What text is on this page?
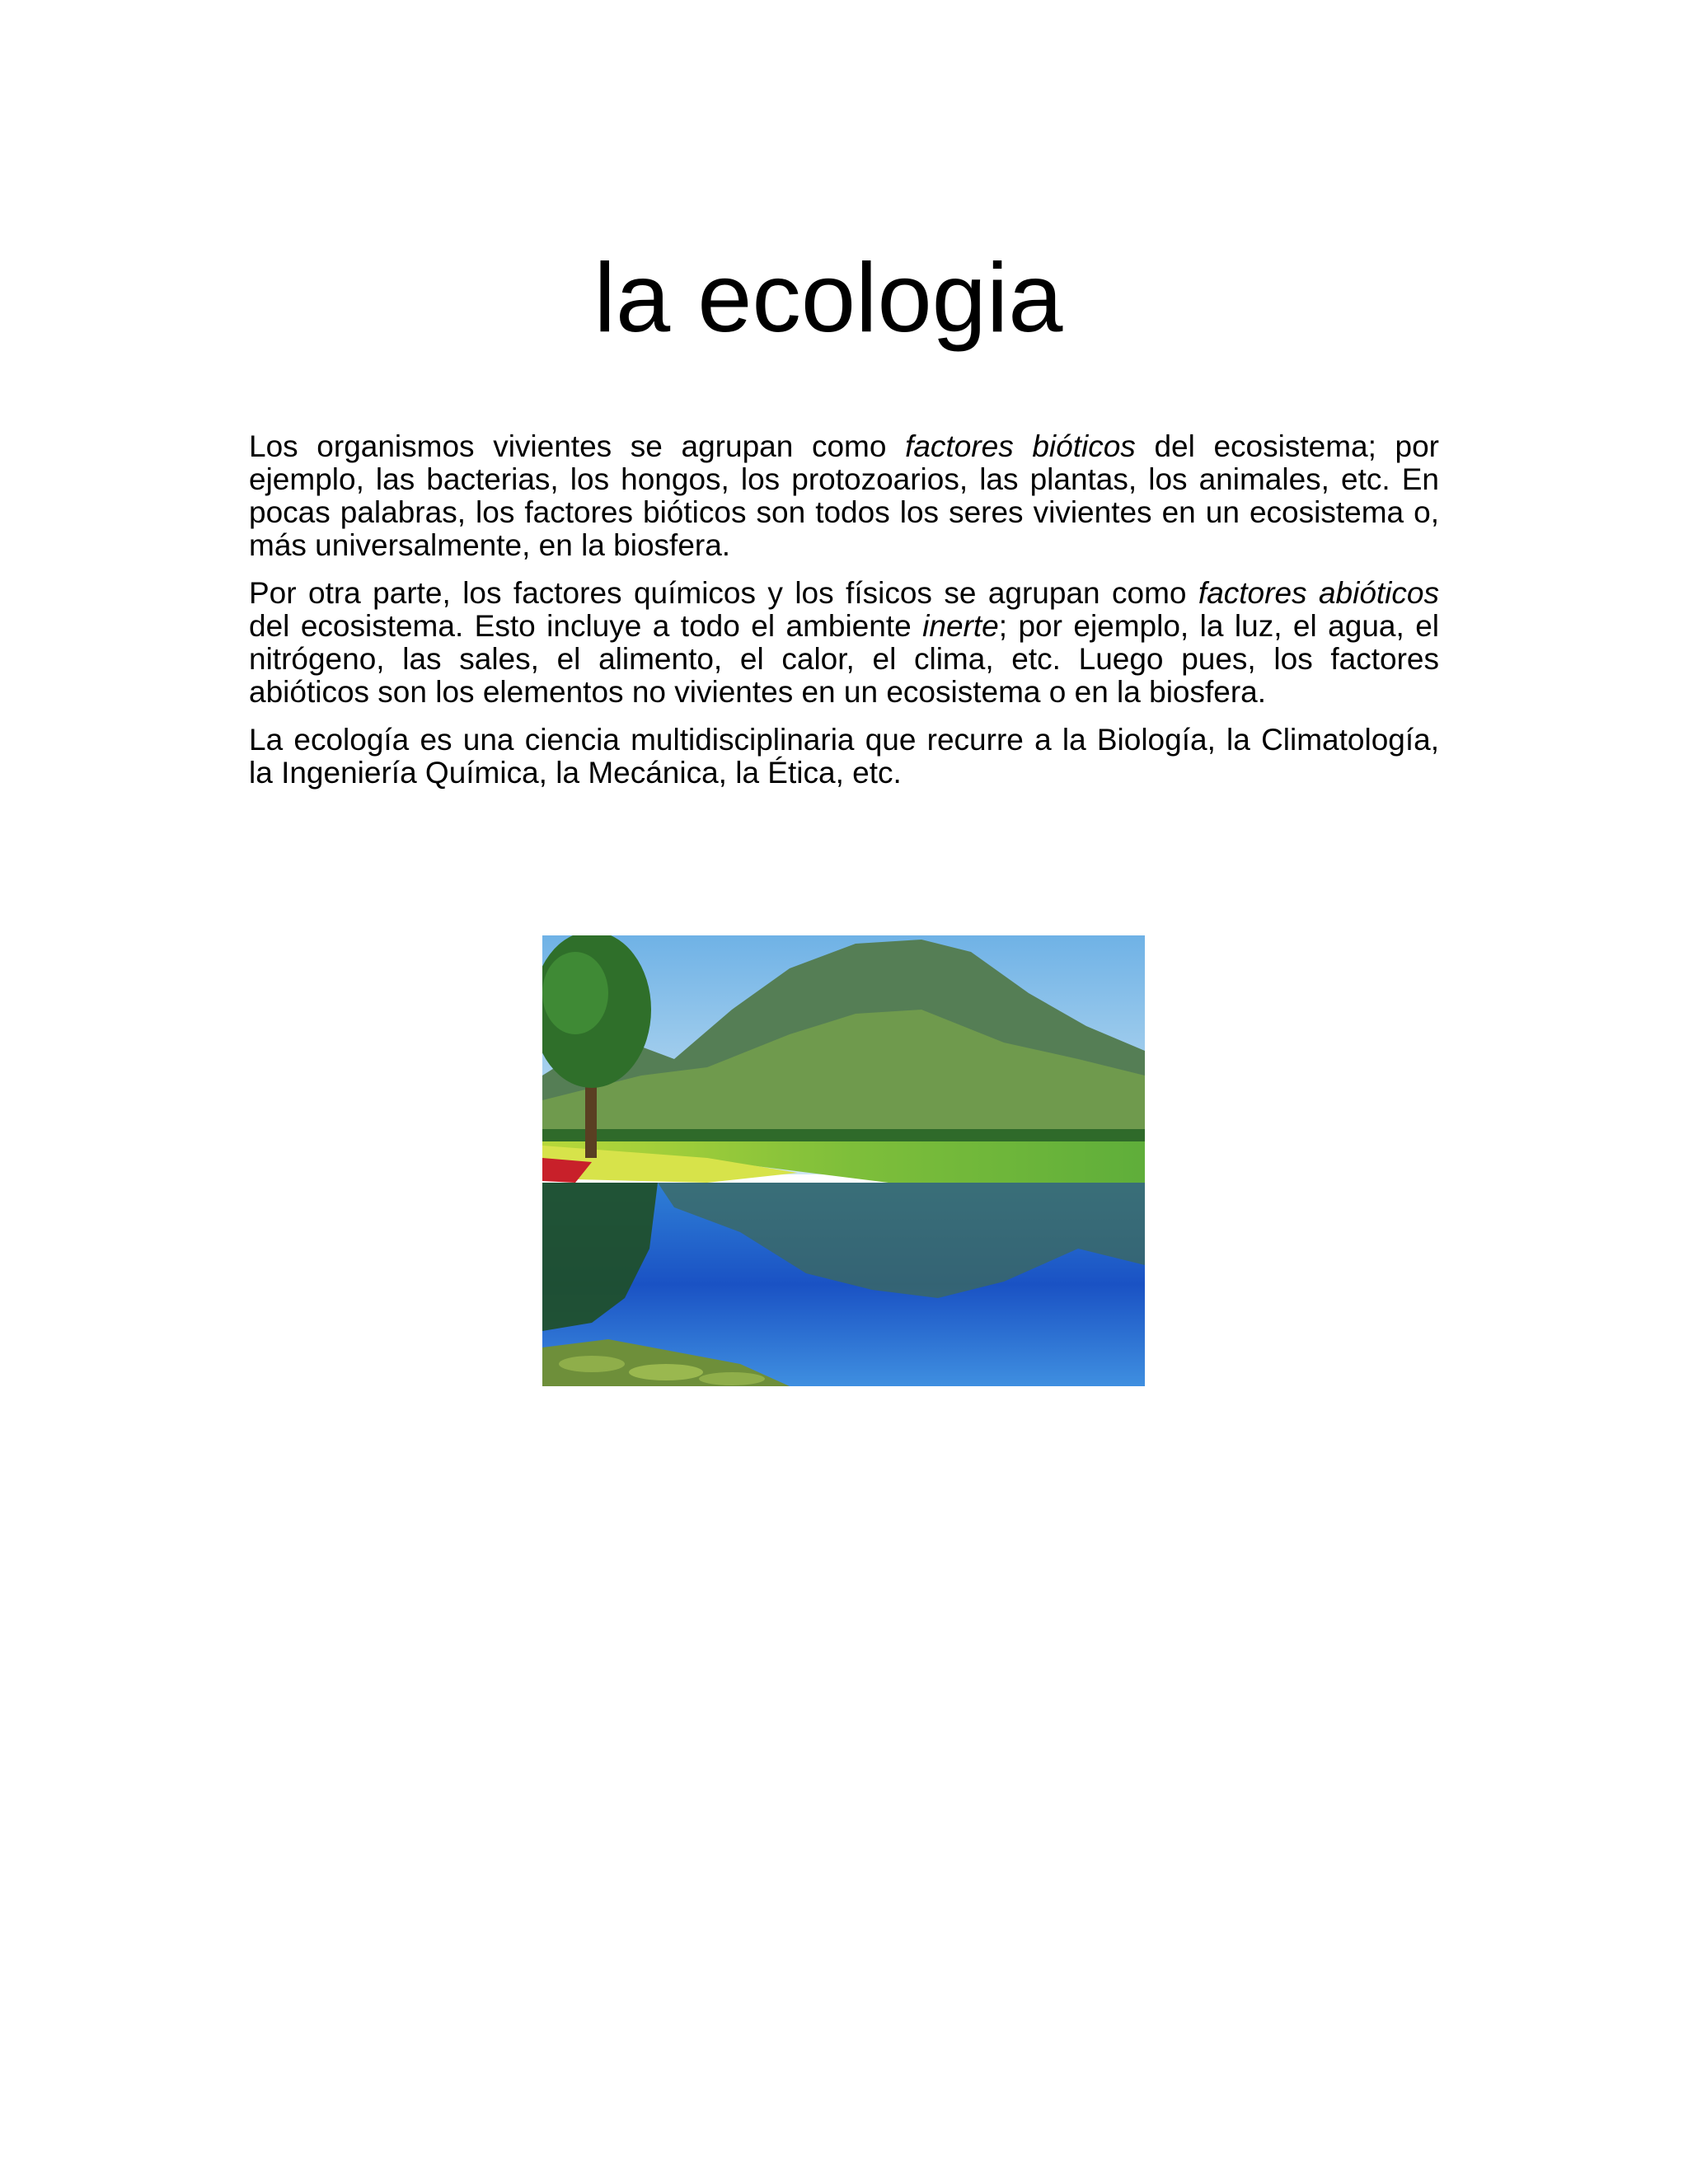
la ecologia

Los organismos vivientes se agrupan como factores bióticos del ecosistema; por ejemplo, las bacterias, los hongos, los protozoarios, las plantas, los animales, etc. En pocas palabras, los factores bióticos son todos los seres vivientes en un ecosistema o, más universalmente, en la biosfera.

Por otra parte, los factores químicos y los físicos se agrupan como factores abióticos del ecosistema. Esto incluye a todo el ambiente inerte; por ejemplo, la luz, el agua, el nitrógeno, las sales, el alimento, el calor, el clima, etc. Luego pues, los factores abióticos son los elementos no vivientes en un ecosistema o en la biosfera.

La ecología es una ciencia multidisciplinaria que recurre a la Biología, la Climatología, la Ingeniería Química, la Mecánica, la Ética, etc.
